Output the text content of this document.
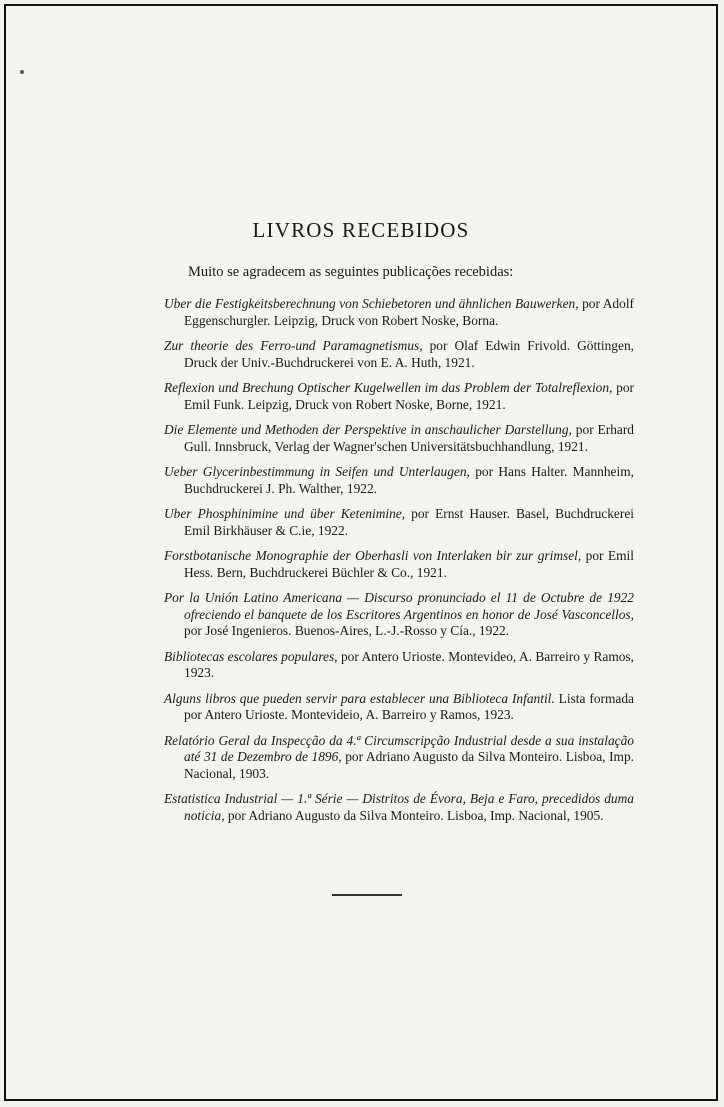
LIVROS RECEBIDOS

Muito se agradecem as seguintes publicações recebidas:

Uber die Festigkeitsberechnung von Schiebetoren und ähnlichen Bauwerken, por Adolf Eggenschurgler. Leipzig, Druck von Robert Noske, Borna.
Zur theorie des Ferro-und Paramagnetismus, por Olaf Edwin Frivold. Göttingen, Druck der Univ.-Buchdruckerei von E. A. Huth, 1921.
Reflexion und Brechung Optischer Kugelwellen im das Problem der Totalreflexion, por Emil Funk. Leipzig, Druck von Robert Noske, Borne, 1921.
Die Elemente und Methoden der Perspektive in anschaulicher Darstellung, por Erhard Gull. Innsbruck, Verlag der Wagner'schen Universitätsbuchhandlung, 1921.
Ueber Glycerinbestimmung in Seifen und Unterlaugen, por Hans Halter. Mannheim, Buchdruckerei J. Ph. Walther, 1922.
Uber Phosphinimine und über Ketenimine, por Ernst Hauser. Basel, Buchdruckerei Emil Birkhäuser & C.ie, 1922.
Forstbotanische Monographie der Oberhasli von Interlaken bir zur grimsel, por Emil Hess. Bern, Buchdruckerei Büchler & Co., 1921.
Por la Unión Latino Americana — Discurso pronunciado el 11 de Octubre de 1922 ofreciendo el banquete de los Escritores Argentinos en honor de José Vasconcellos, por José Ingenieros. Buenos-Aires, L.-J.-Rosso y Cía., 1922.
Bibliotecas escolares populares, por Antero Urioste. Montevideo, A. Barreiro y Ramos, 1923.
Alguns libros que pueden servir para establecer una Biblioteca Infantil. Lista formada por Antero Urioste. Montevideio, A. Barreiro y Ramos, 1923.
Relatório Geral da Inspecção da 4.ª Circumscripção Industrial desde a sua instalação até 31 de Dezembro de 1896, por Adriano Augusto da Silva Monteiro. Lisboa, Imp. Nacional, 1903.
Estatistica Industrial — 1.ª Série — Distritos de Évora, Beja e Faro, precedidos duma noticia, por Adriano Augusto da Silva Monteiro. Lisboa, Imp. Nacional, 1905.
